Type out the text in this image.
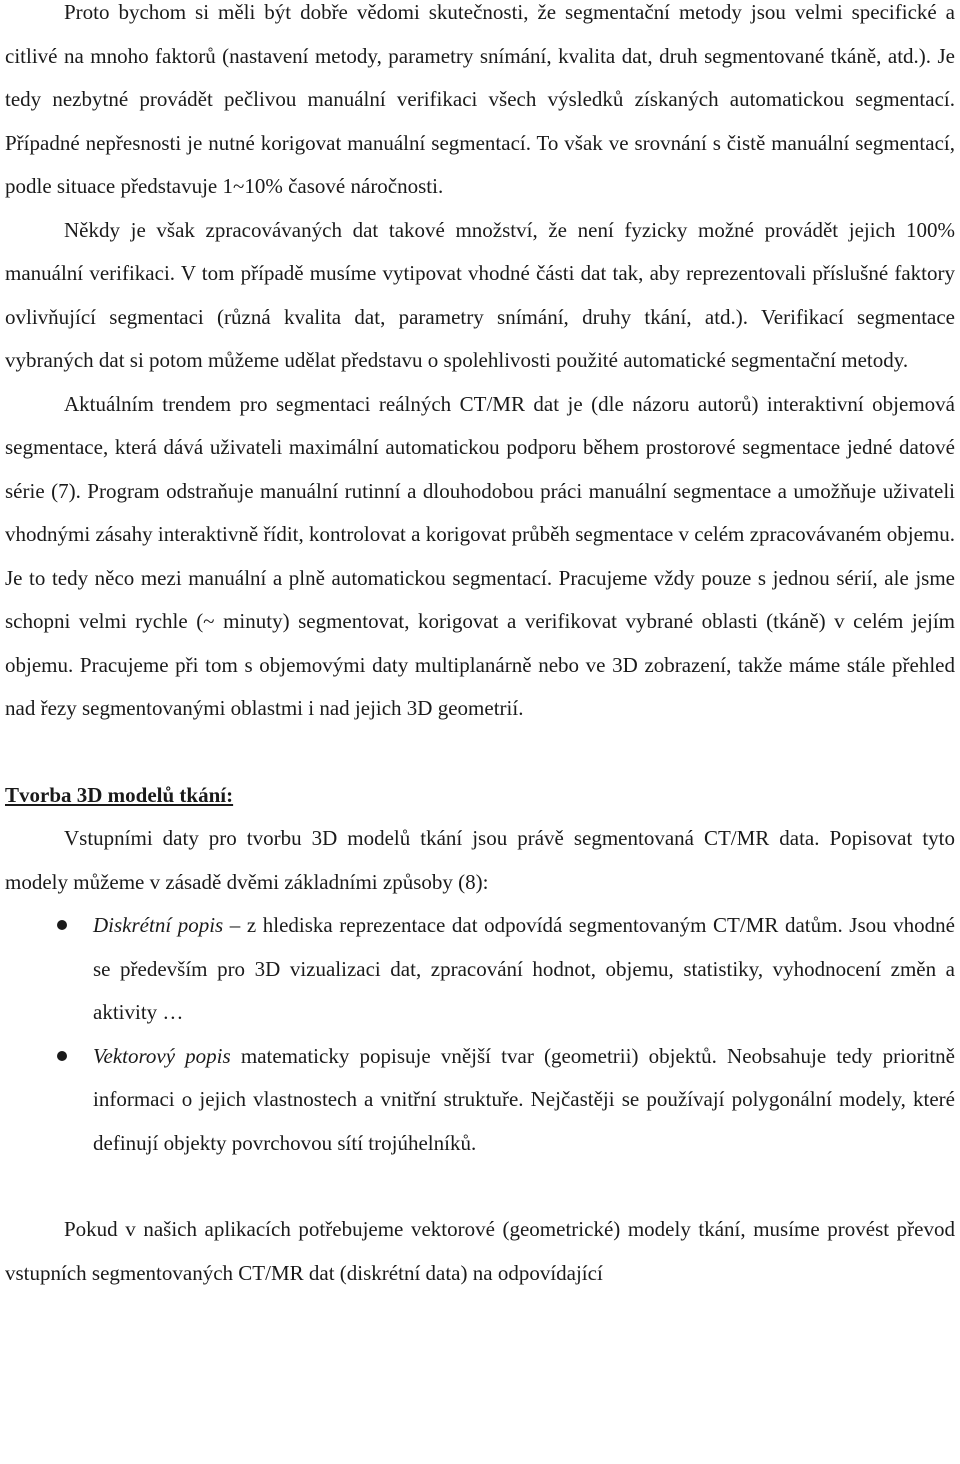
Proto bychom si měli být dobře vědomi skutečnosti, že segmentační metody jsou velmi specifické a citlivé na mnoho faktorů (nastavení metody, parametry snímání, kvalita dat, druh segmentované tkáně, atd.). Je tedy nezbytné provádět pečlivou manuální verifikaci všech výsledků získaných automatickou segmentací. Případné nepřesnosti je nutné korigovat manuální segmentací. To však ve srovnání s čistě manuální segmentací, podle situace představuje 1~10% časové náročnosti.

Někdy je však zpracovávaných dat takové množství, že není fyzicky možné provádět jejich 100% manuální verifikaci. V tom případě musíme vytipovat vhodné části dat tak, aby reprezentovali příslušné faktory ovlivňující segmentaci (různá kvalita dat, parametry snímání, druhy tkání, atd.). Verifikací segmentace vybraných dat si potom můžeme udělat představu o spolehlivosti použité automatické segmentační metody.

Aktuálním trendem pro segmentaci reálných CT/MR dat je (dle názoru autorů) interaktivní objemová segmentace, která dává uživateli maximální automatickou podporu během prostorové segmentace jedné datové série (7). Program odstraňuje manuální rutinní a dlouhodobou práci manuální segmentace a umožňuje uživateli vhodnými zásahy interaktivně řídit, kontrolovat a korigovat průběh segmentace v celém zpracovávaném objemu. Je to tedy něco mezi manuální a plně automatickou segmentací. Pracujeme vždy pouze s jednou sérií, ale jsme schopni velmi rychle (~ minuty) segmentovat, korigovat a verifikovat vybrané oblasti (tkáně) v celém jejím objemu. Pracujeme při tom s objemovými daty multiplanárně nebo ve 3D zobrazení, takže máme stále přehled nad řezy segmentovanými oblastmi i nad jejich 3D geometrií.

Tvorba 3D modelů tkání:

Vstupními daty pro tvorbu 3D modelů tkání jsou právě segmentovaná CT/MR data. Popisovat tyto modely můžeme v zásadě dvěmi základními způsoby (8):

Diskrétní popis – z hlediska reprezentace dat odpovídá segmentovaným CT/MR datům. Jsou vhodné se především pro 3D vizualizaci dat, zpracování hodnot, objemu, statistiky, vyhodnocení změn a aktivity …
Vektorový popis matematicky popisuje vnější tvar (geometrii) objektů. Neobsahuje tedy prioritně informaci o jejich vlastnostech a vnitřní struktuře. Nejčastěji se používají polygonální modely, které definují objekty povrchovou sítí trojúhelníků.

Pokud v našich aplikacích potřebujeme vektorové (geometrické) modely tkání, musíme provést převod vstupních segmentovaných CT/MR dat (diskrétní data) na odpovídající
